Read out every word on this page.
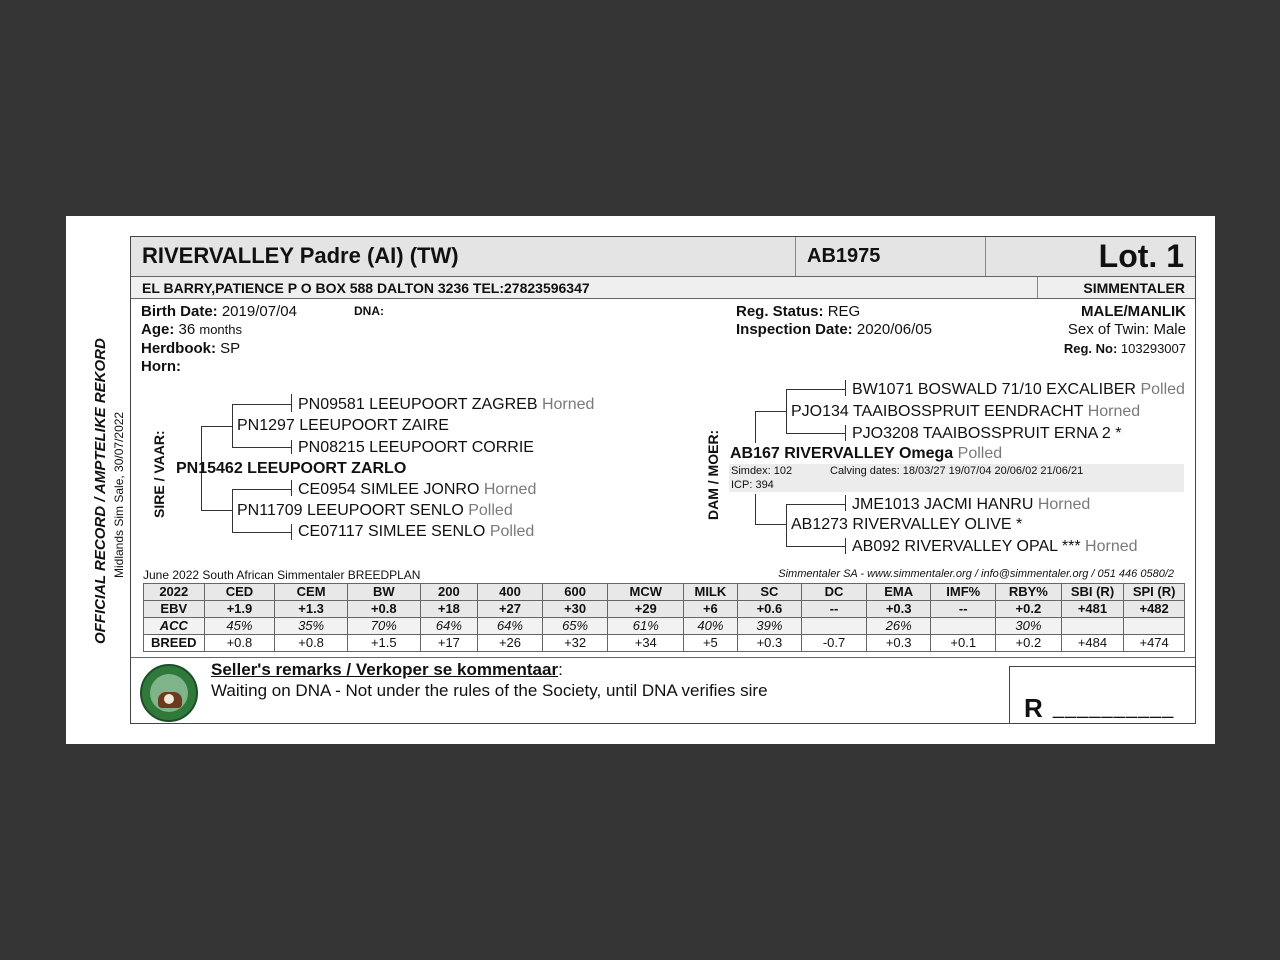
RIVERVALLEY Padre (AI) (TW)	AB1975	Lot. 1
EL BARRY,PATIENCE P O BOX 588 DALTON 3236 TEL:27823596347	SIMMENTALER
Birth Date: 2019/07/04	DNA:
Age: 36 months
Herdbook: SP
Horn:
Reg. Status: REG
Inspection Date: 2020/06/05
MALE/MANLIK
Sex of Twin: Male
Reg. No: 103293007
OFFICIAL RECORD / AMPTELIKE REKORD Midlands Sim Sale, 30/07/2022 SIRE / VAAR:
PN09581 LEEUPOORT ZAGREB Horned
PN1297 LEEUPOORT ZAIRE
PN08215 LEEUPOORT CORRIE
PN15462 LEEUPOORT ZARLO
CE0954 SIMLEE JONRO Horned
PN11709 LEEUPOORT SENLO Polled
CE07117 SIMLEE SENLO Polled
DAM / MOER:
BW1071 BOSWALD 71/10 EXCALIBER Polled
PJO134 TAAIBOSSPRUIT EENDRACHT Horned
PJO3208 TAAIBOSSPRUIT ERNA 2 *
AB167 RIVERVALLEY Omega Polled
Simdex: 102	Calving dates: 18/03/27 19/07/04 20/06/02 21/06/21
ICP: 394
JME1013 JACMI HANRU Horned
AB1273 RIVERVALLEY OLIVE *
AB092 RIVERVALLEY OPAL *** Horned
June 2022 South African Simmentaler BREEDPLAN	Simmentaler SA - www.simmentaler.org / info@simmentaler.org / 051 446 0580/2
2022	CED	CEM	BW	200	400	600	MCW	MILK	SC	DC	EMA	IMF%	RBY%	SBI (R)	SPI (R)
EBV	+1.9	+1.3	+0.8	+18	+27	+30	+29	+6	+0.6	--	+0.3	--	+0.2	+481	+482
ACC	45%	35%	70%	64%	64%	65%	61%	40%	39%		26%		30%		
BREED	+0.8	+0.8	+1.5	+17	+26	+32	+34	+5	+0.3	-0.7	+0.3	+0.1	+0.2	+484	+474
Seller's remarks / Verkoper se kommentaar:
Waiting on DNA - Not under the rules of the Society, until DNA verifies sire
R __________
